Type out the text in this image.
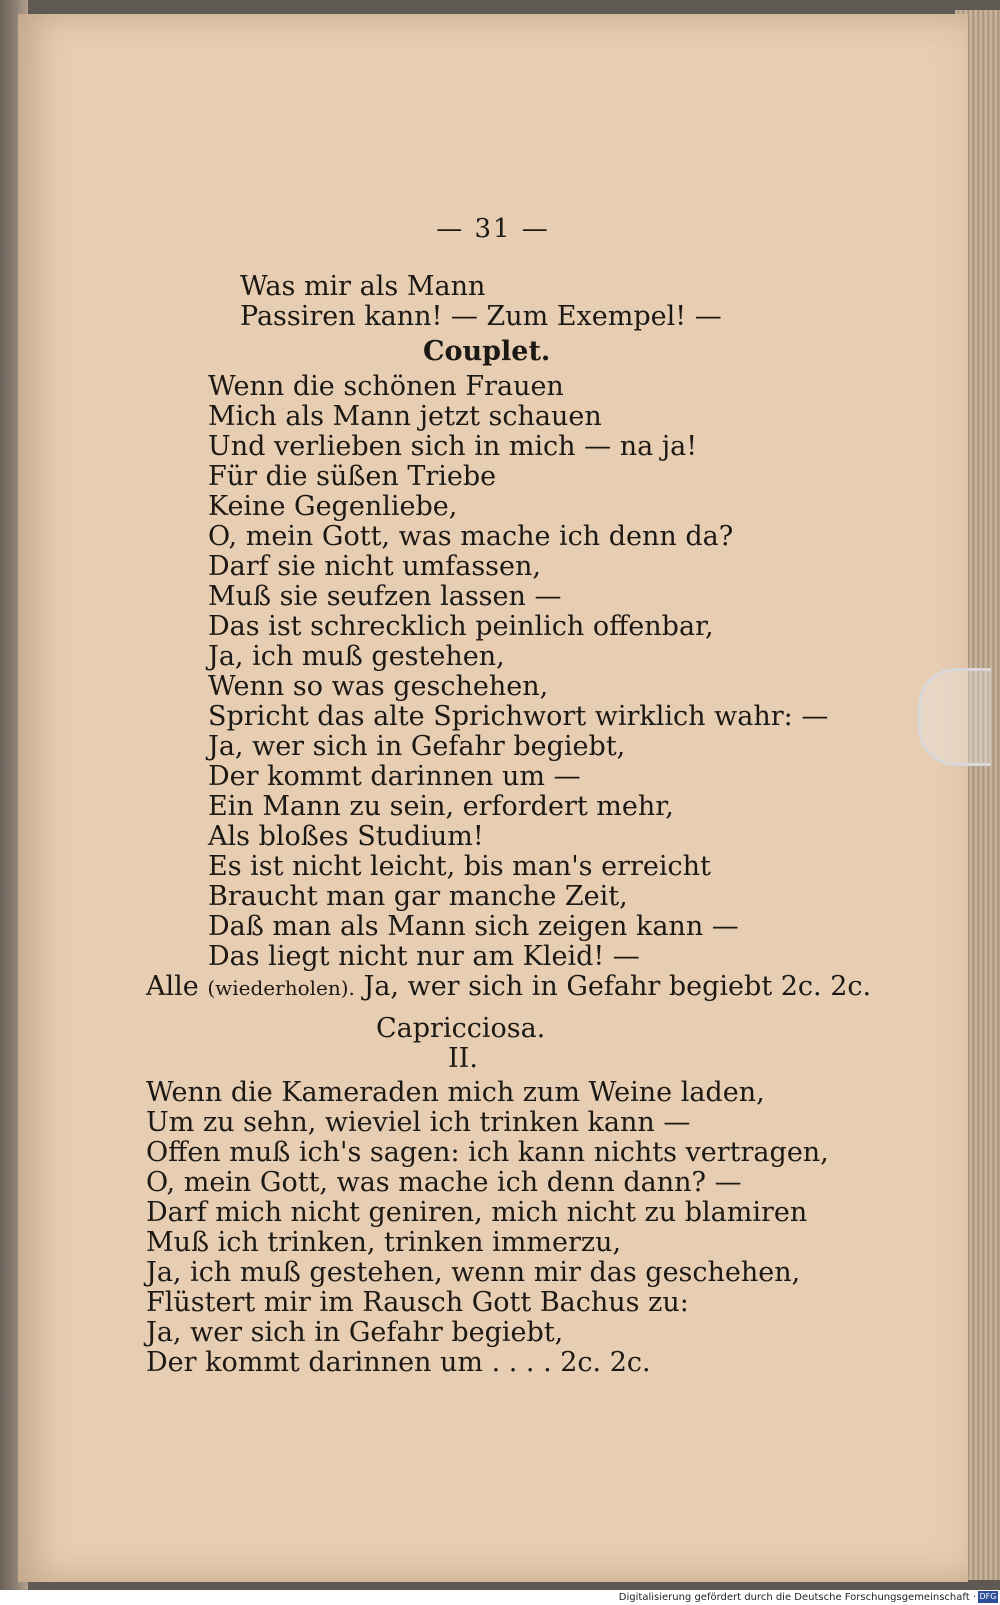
— 31 —
Was mir als Mann
Passiren kann! — Zum Exempel! —
Couplet.
Wenn die schönen Frauen
Mich als Mann jetzt schauen
Und verlieben sich in mich — na ja!
Für die süßen Triebe
Keine Gegenliebe,
O, mein Gott, was mache ich denn da?
Darf sie nicht umfassen,
Muß sie seufzen lassen —
Das ist schrecklich peinlich offenbar,
Ja, ich muß gestehen,
Wenn so was geschehen,
Spricht das alte Sprichwort wirklich wahr: —
Ja, wer sich in Gefahr begiebt,
Der kommt darinnen um —
Ein Mann zu sein, erfordert mehr,
Als bloßes Studium!
Es ist nicht leicht, bis man's erreicht
Braucht man gar manche Zeit,
Daß man als Mann sich zeigen kann —
Das liegt nicht nur am Kleid! —
Alle (wiederholen). Ja, wer sich in Gefahr begiebt 2c. 2c.
Capricciosa.
II.
Wenn die Kameraden mich zum Weine laden,
Um zu sehn, wieviel ich trinken kann —
Offen muß ich's sagen: ich kann nichts vertragen,
O, mein Gott, was mache ich denn dann? —
Darf mich nicht geniren, mich nicht zu blamiren
Muß ich trinken, trinken immerzu,
Ja, ich muß gestehen, wenn mir das geschehen,
Flüstert mir im Rausch Gott Bachus zu:
Ja, wer sich in Gefahr begiebt,
Der kommt darinnen um . . . . 2c. 2c.
Digitalisierung gefördert durch die Deutsche Forschungsgemeinschaft · DFG
